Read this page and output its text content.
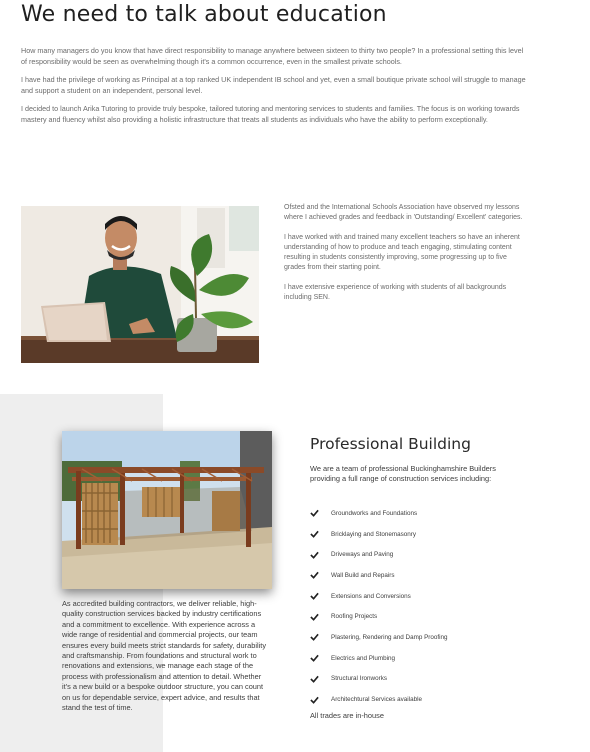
We need to talk about education

How many managers do you know that have direct responsibility to manage anywhere between sixteen to thirty two people? In a professional setting this level of responsibility would be seen as overwhelming though it's a common occurrence, even in the smallest private schools.

I have had the privilege of working as Principal at a top ranked UK independent IB school and yet, even a small boutique private school will struggle to manage and support a student on an independent, personal level.

I decided to launch Arika Tutoring to provide truly bespoke, tailored tutoring and mentoring services to students and families. The focus is on working towards mastery and fluency whilst also providing a holistic infrastructure that treats all students as individuals who have the ability to perform exceptionally.

Ofsted and the International Schools Association have observed my lessons where I achieved grades and feedback in 'Outstanding/ Excellent' categories.

I have worked with and trained many excellent teachers so have an inherent understanding of how to produce and teach engaging, stimulating content resulting in students consistently improving, some progressing up to five grades from their starting point.

I have extensive experience of working with students of all backgrounds including SEN.

As accredited building contractors, we deliver reliable, high-quality construction services backed by industry certifications and a commitment to excellence. With experience across a wide range of residential and commercial projects, our team ensures every build meets strict standards for safety, durability and craftsmanship. From foundations and structural work to renovations and extensions, we manage each stage of the process with professionalism and attention to detail. Whether it's a new build or a bespoke outdoor structure, you can count on us for dependable service, expert advice, and results that stand the test of time.

Professional Building

We are a team of professional Buckinghamshire Builders providing a full range of construction services including:

Groundworks and Foundations
Bricklaying and Stonemasonry
Driveways and Paving
Wall Build and Repairs
Extensions and Conversions
Roofing Projects
Plastering, Rendering and Damp Proofing
Electrics and Plumbing
Structural Ironworks
Architechtural Services available

All trades are in-house
